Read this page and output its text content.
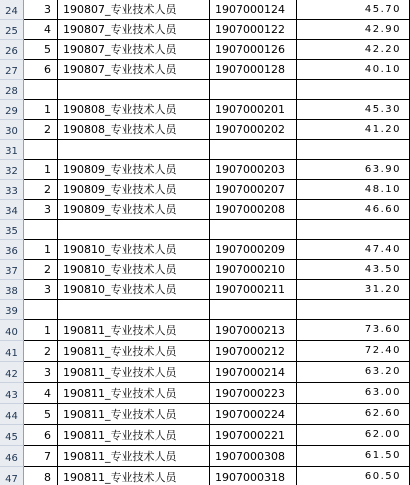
24	3	190807_专业技术人员	1907000124	45.70
25	4	190807_专业技术人员	1907000122	42.90
26	5	190807_专业技术人员	1907000126	42.20
27	6	190807_专业技术人员	1907000128	40.10
28
29	1	190808_专业技术人员	1907000201	45.30
30	2	190808_专业技术人员	1907000202	41.20
31
32	1	190809_专业技术人员	1907000203	63.90
33	2	190809_专业技术人员	1907000207	48.10
34	3	190809_专业技术人员	1907000208	46.60
35
36	1	190810_专业技术人员	1907000209	47.40
37	2	190810_专业技术人员	1907000210	43.50
38	3	190810_专业技术人员	1907000211	31.20
39
40	1	190811_专业技术人员	1907000213	73.60
41	2	190811_专业技术人员	1907000212	72.40
42	3	190811_专业技术人员	1907000214	63.20
43	4	190811_专业技术人员	1907000223	63.00
44	5	190811_专业技术人员	1907000224	62.60
45	6	190811_专业技术人员	1907000221	62.00
46	7	190811_专业技术人员	1907000308	61.50
47	8	190811_专业技术人员	1907000318	60.50
